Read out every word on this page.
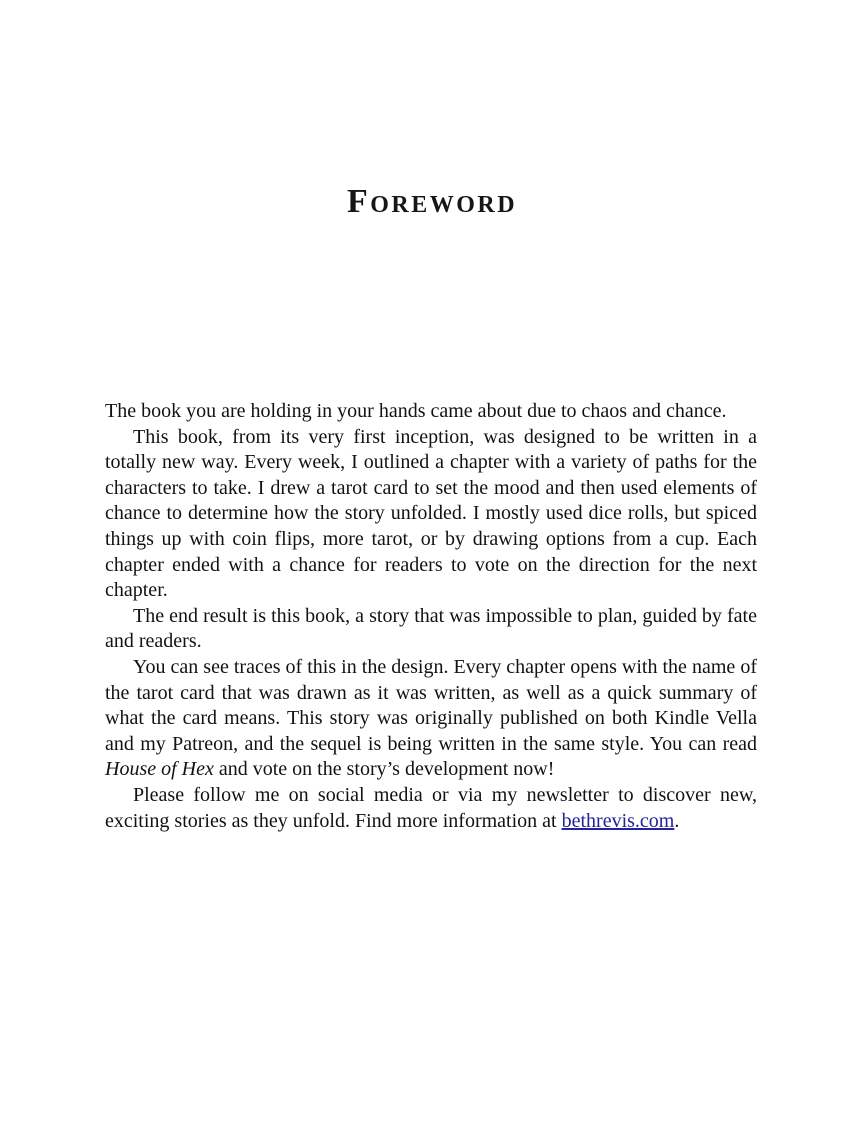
Foreword

The book you are holding in your hands came about due to chaos and chance.

This book, from its very first inception, was designed to be written in a totally new way. Every week, I outlined a chapter with a variety of paths for the characters to take. I drew a tarot card to set the mood and then used elements of chance to determine how the story unfolded. I mostly used dice rolls, but spiced things up with coin flips, more tarot, or by drawing options from a cup. Each chapter ended with a chance for readers to vote on the direction for the next chapter.

The end result is this book, a story that was impossible to plan, guided by fate and readers.

You can see traces of this in the design. Every chapter opens with the name of the tarot card that was drawn as it was written, as well as a quick summary of what the card means. This story was originally published on both Kindle Vella and my Patreon, and the sequel is being written in the same style. You can read House of Hex and vote on the story’s development now!

Please follow me on social media or via my newsletter to discover new, exciting stories as they unfold. Find more information at bethrevis.com.
